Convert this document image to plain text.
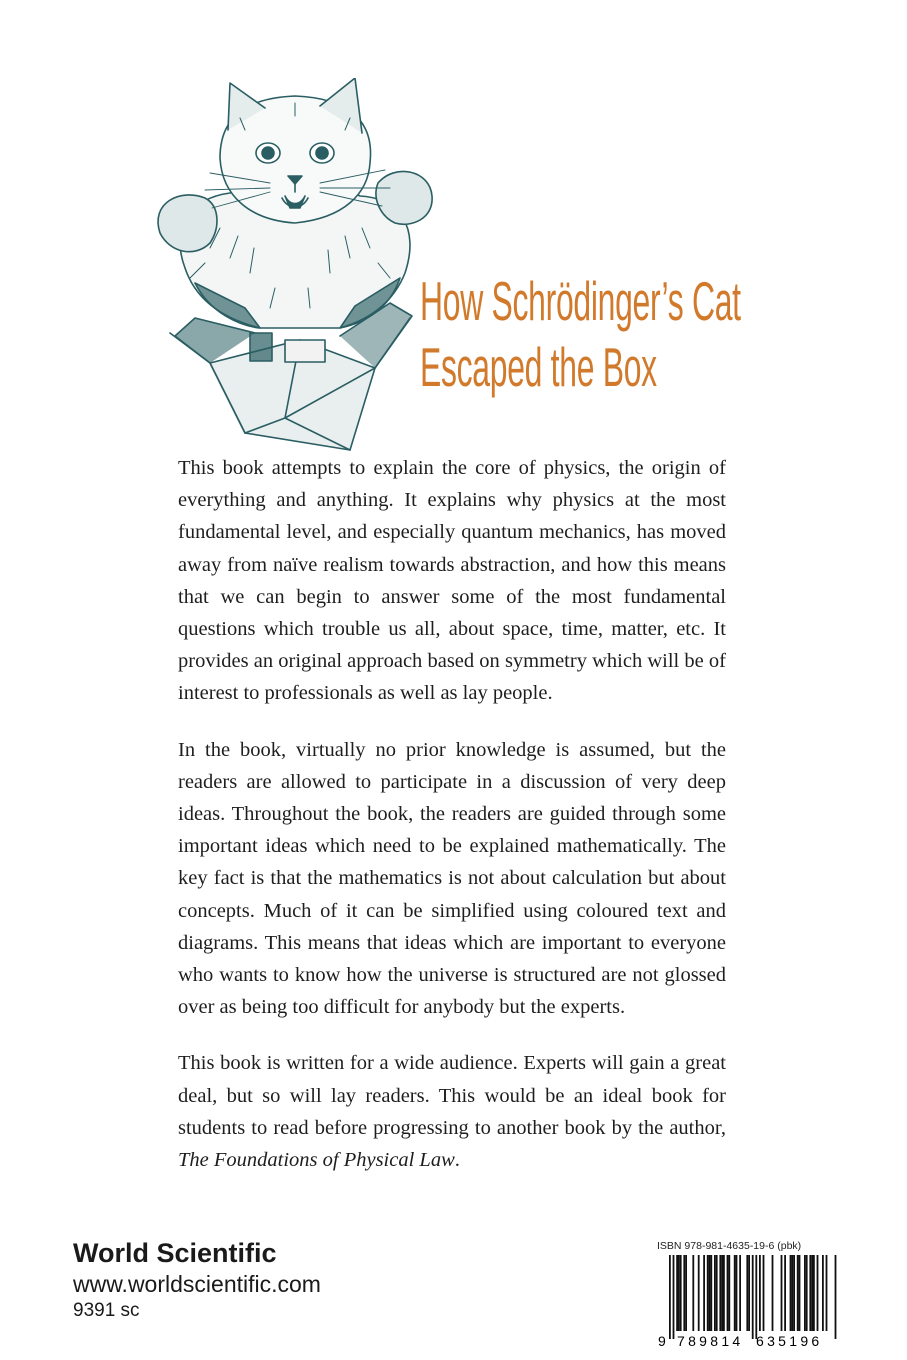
How Schrödinger’s Cat
Escaped the Box

This book attempts to explain the core of physics, the origin of everything and anything. It explains why physics at the most fundamental level, and especially quantum mechanics, has moved away from naïve realism towards abstraction, and how this means that we can begin to answer some of the most fundamental questions which trouble us all, about space, time, matter, etc. It provides an original approach based on symmetry which will be of interest to professionals as well as lay people.

In the book, virtually no prior knowledge is assumed, but the readers are allowed to participate in a discussion of very deep ideas. Throughout the book, the readers are guided through some important ideas which need to be explained mathematically. The key fact is that the mathematics is not about calculation but about concepts. Much of it can be simplified using coloured text and diagrams. This means that ideas which are important to everyone who wants to know how the universe is structured are not glossed over as being too difficult for anybody but the experts.

This book is written for a wide audience. Experts will gain a great deal, but so will lay readers. This would be an ideal book for students to read before progressing to another book by the author, The Foundations of Physical Law.

World Scientific
www.worldscientific.com
9391 sc
ISBN 978-981-4635-19-6 (pbk)
9 789814 635196
